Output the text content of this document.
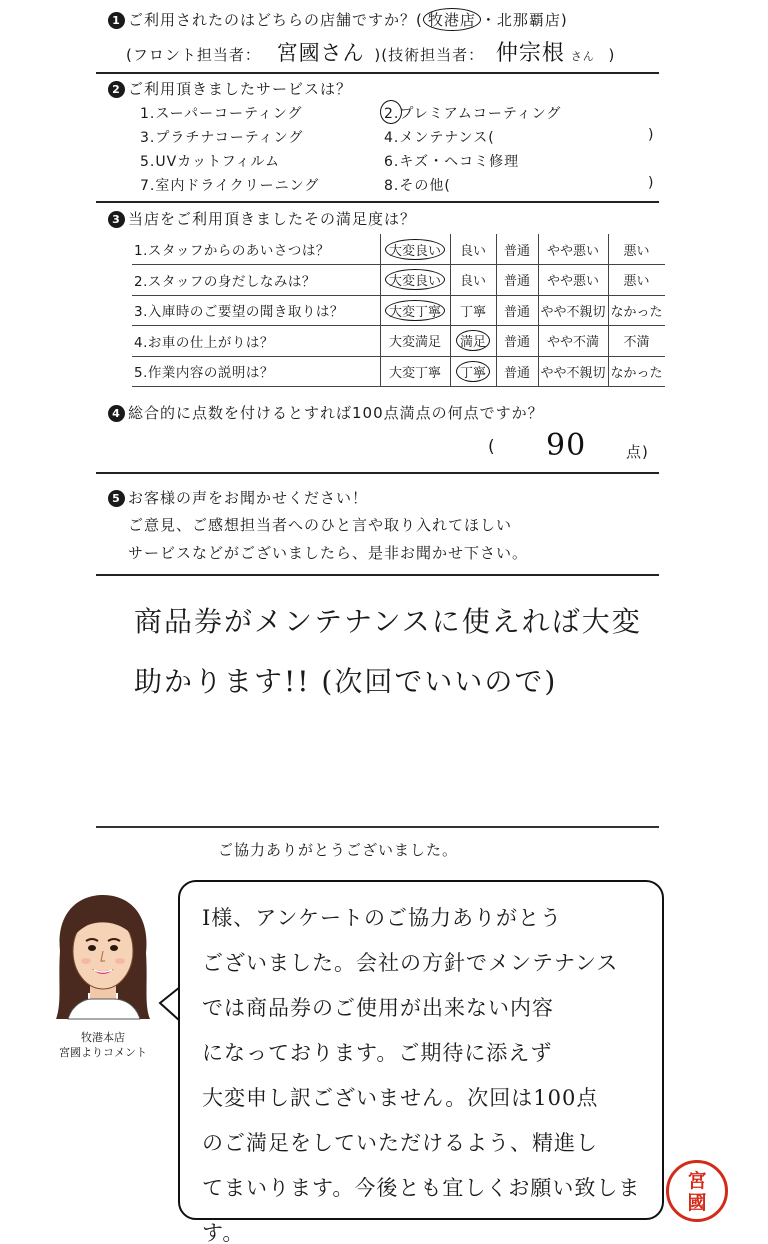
1 ご利用されたのはどちらの店舗ですか？( 牧港店 ・北那覇店)
(フロント担当者： 宮國さん )(技術担当者： 仲宗根 さん )
2 ご利用頂きましたサービスは？
1.スーパーコーティング	2.プレミアムコーティング
3.プラチナコーティング	4.メンテナンス(	)
5.UVカットフィルム	6.キズ・ヘコミ修理
7.室内ドライクリーニング	8.その他(	)
3 当店をご利用頂きましたその満足度は？
1.スタッフからのあいさつは？	大変良い	良い	普通	やや悪い	悪い
2.スタッフの身だしなみは？	大変良い	良い	普通	やや悪い	悪い
3.入庫時のご要望の聞き取りは？	大変丁寧	丁寧	普通	やや不親切	なかった
4.お車の仕上がりは？	大変満足	満足	普通	やや不満	不満
5.作業内容の説明は？	大変丁寧	丁寧	普通	やや不親切	なかった
4 総合的に点数を付けるとすれば100点満点の何点ですか？
( 90	点)
5 お客様の声をお聞かせください！
ご意見、ご感想担当者へのひと言や取り入れてほしい
サービスなどがございましたら、是非お聞かせ下さい。
商品券がメンテナンスに使えれば大変
助かります!! (次回でいいので)
ご協力ありがとうございました。
牧港本店
宮國よりコメント
I様、アンケートのご協力ありがとう
ございました。会社の方針でメンテナンス
では商品券のご使用が出来ない内容
になっております。ご期待に添えず
大変申し訳ございません。次回は100点
のご満足をしていただけるよう、精進し
てまいります。今後とも宜しくお願い致します。
宮國
